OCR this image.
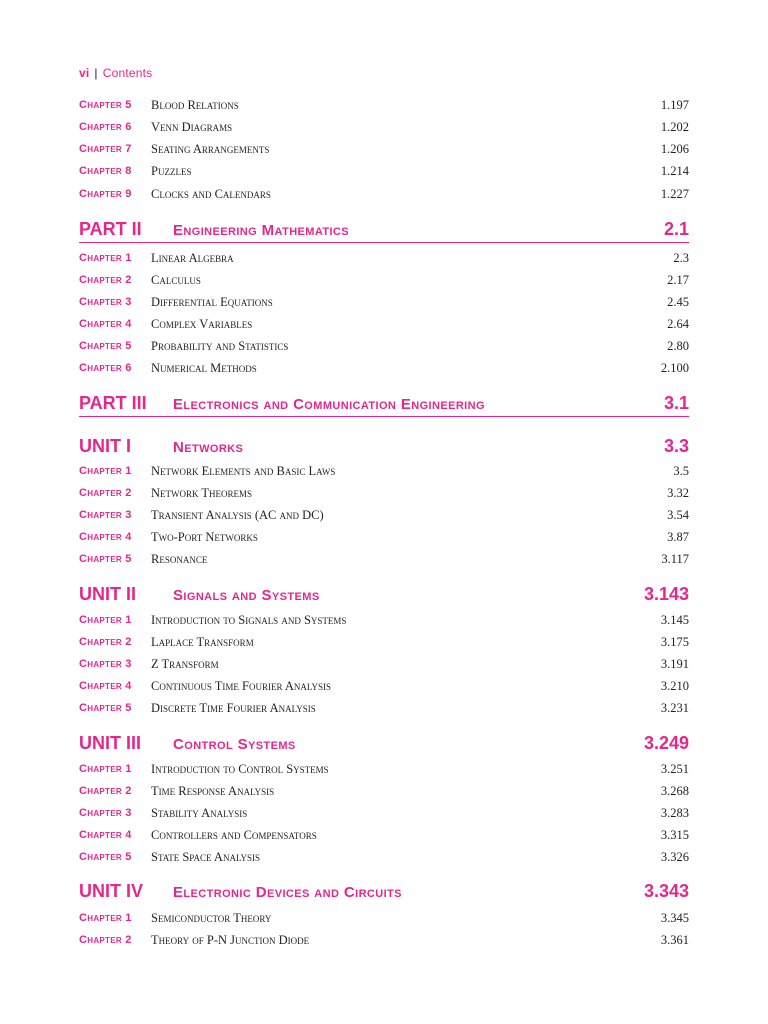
vi | Contents
Chapter 5 Blood Relations	1.197
Chapter 6 Venn Diagrams	1.202
Chapter 7 Seating Arrangements	1.206
Chapter 8 Puzzles	1.214
Chapter 9 Clocks and Calendars	1.227
PART II Engineering Mathematics	2.1
Chapter 1 Linear Algebra	2.3
Chapter 2 Calculus	2.17
Chapter 3 Differential Equations	2.45
Chapter 4 Complex Variables	2.64
Chapter 5 Probability and Statistics	2.80
Chapter 6 Numerical Methods	2.100
PART III Electronics and Communication Engineering	3.1
UNIT I	Networks	3.3
Chapter 1 Network Elements and Basic Laws	3.5
Chapter 2 Network Theorems	3.32
Chapter 3 Transient Analysis (AC and DC)	3.54
Chapter 4 Two-Port Networks	3.87
Chapter 5 Resonance	3.117
UNIT II Signals and Systems	3.143
Chapter 1 Introduction to Signals and Systems	3.145
Chapter 2 Laplace Transform	3.175
Chapter 3 Z Transform	3.191
Chapter 4 Continuous Time Fourier Analysis	3.210
Chapter 5 Discrete Time Fourier Analysis	3.231
UNIT III Control Systems	3.249
Chapter 1 Introduction to Control Systems	3.251
Chapter 2 Time Response Analysis	3.268
Chapter 3 Stability Analysis	3.283
Chapter 4 Controllers and Compensators	3.315
Chapter 5 State Space Analysis	3.326
UNIT IV Electronic Devices and Circuits	3.343
Chapter 1 Semiconductor Theory	3.345
Chapter 2 Theory of P-N Junction Diode	3.361
